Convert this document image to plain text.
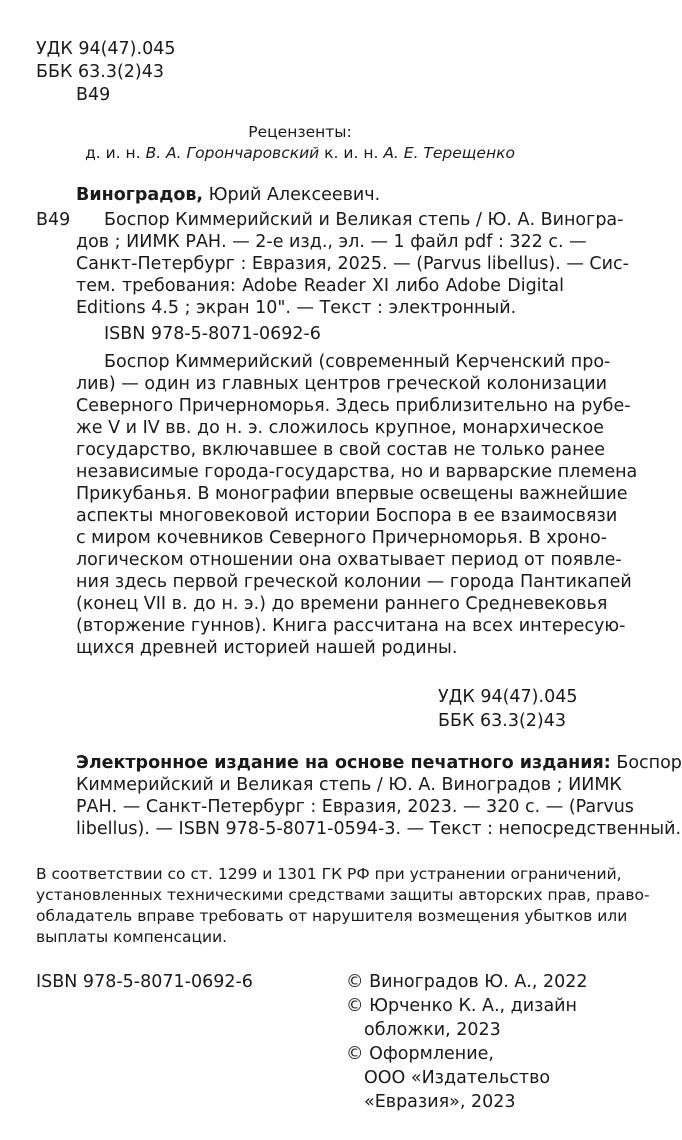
УДК 94(47).045
ББК 63.3(2)43
В49
Рецензенты:
д. и. н. В. А. Горончаровский к. и. н. А. Е. Терещенко
Виноградов, Юрий Алексеевич.
Боспор Киммерийский и Великая степь / Ю. А. Виногра-
дов ; ИИМК РАН. — 2-е изд., эл. — 1 файл pdf : 322 с. —
Санкт-Петербург : Евразия, 2025. — (Parvus libellus). — Сис-
тем. требования: Adobe Reader XI либо Adobe Digital
Editions 4.5 ; экран 10". — Текст : электронный.
ISBN 978-5-8071-0692-6
В49
Боспор Киммерийский (современный Керченский про-
лив) — один из главных центров греческой колонизации
Северного Причерноморья. Здесь приблизительно на рубе-
же V и IV вв. до н. э. сложилось крупное, монархическое
государство, включавшее в свой состав не только ранее
независимые города-государства, но и варварские племена
Прикубанья. В монографии впервые освещены важнейшие
аспекты многовековой истории Боспора в ее взаимосвязи
с миром кочевников Северного Причерноморья. В хроно-
логическом отношении она охватывает период от появле-
ния здесь первой греческой колонии — города Пантикапей
(конец VII в. до н. э.) до времени раннего Средневековья
(вторжение гуннов). Книга рассчитана на всех интересую-
щихся древней историей нашей родины.
УДК 94(47).045
ББК 63.3(2)43
Электронное издание на основе печатного издания: Боспор
Киммерийский и Великая степь / Ю. А. Виноградов ; ИИМК
РАН. — Санкт-Петербург : Евразия, 2023. — 320 с. — (Parvus
libellus). — ISBN 978-5-8071-0594-3. — Текст : непосредственный.
В соответствии со ст. 1299 и 1301 ГК РФ при устранении ограничений,
установленных техническими средствами защиты авторских прав, право-
обладатель вправе требовать от нарушителя возмещения убытков или
выплаты компенсации.
ISBN 978-5-8071-0692-6	© Виноградов Ю. А., 2022
© Юрченко К. А., дизайн
обложки, 2023
© Оформление,
ООО «Издательство
«Евразия», 2023
